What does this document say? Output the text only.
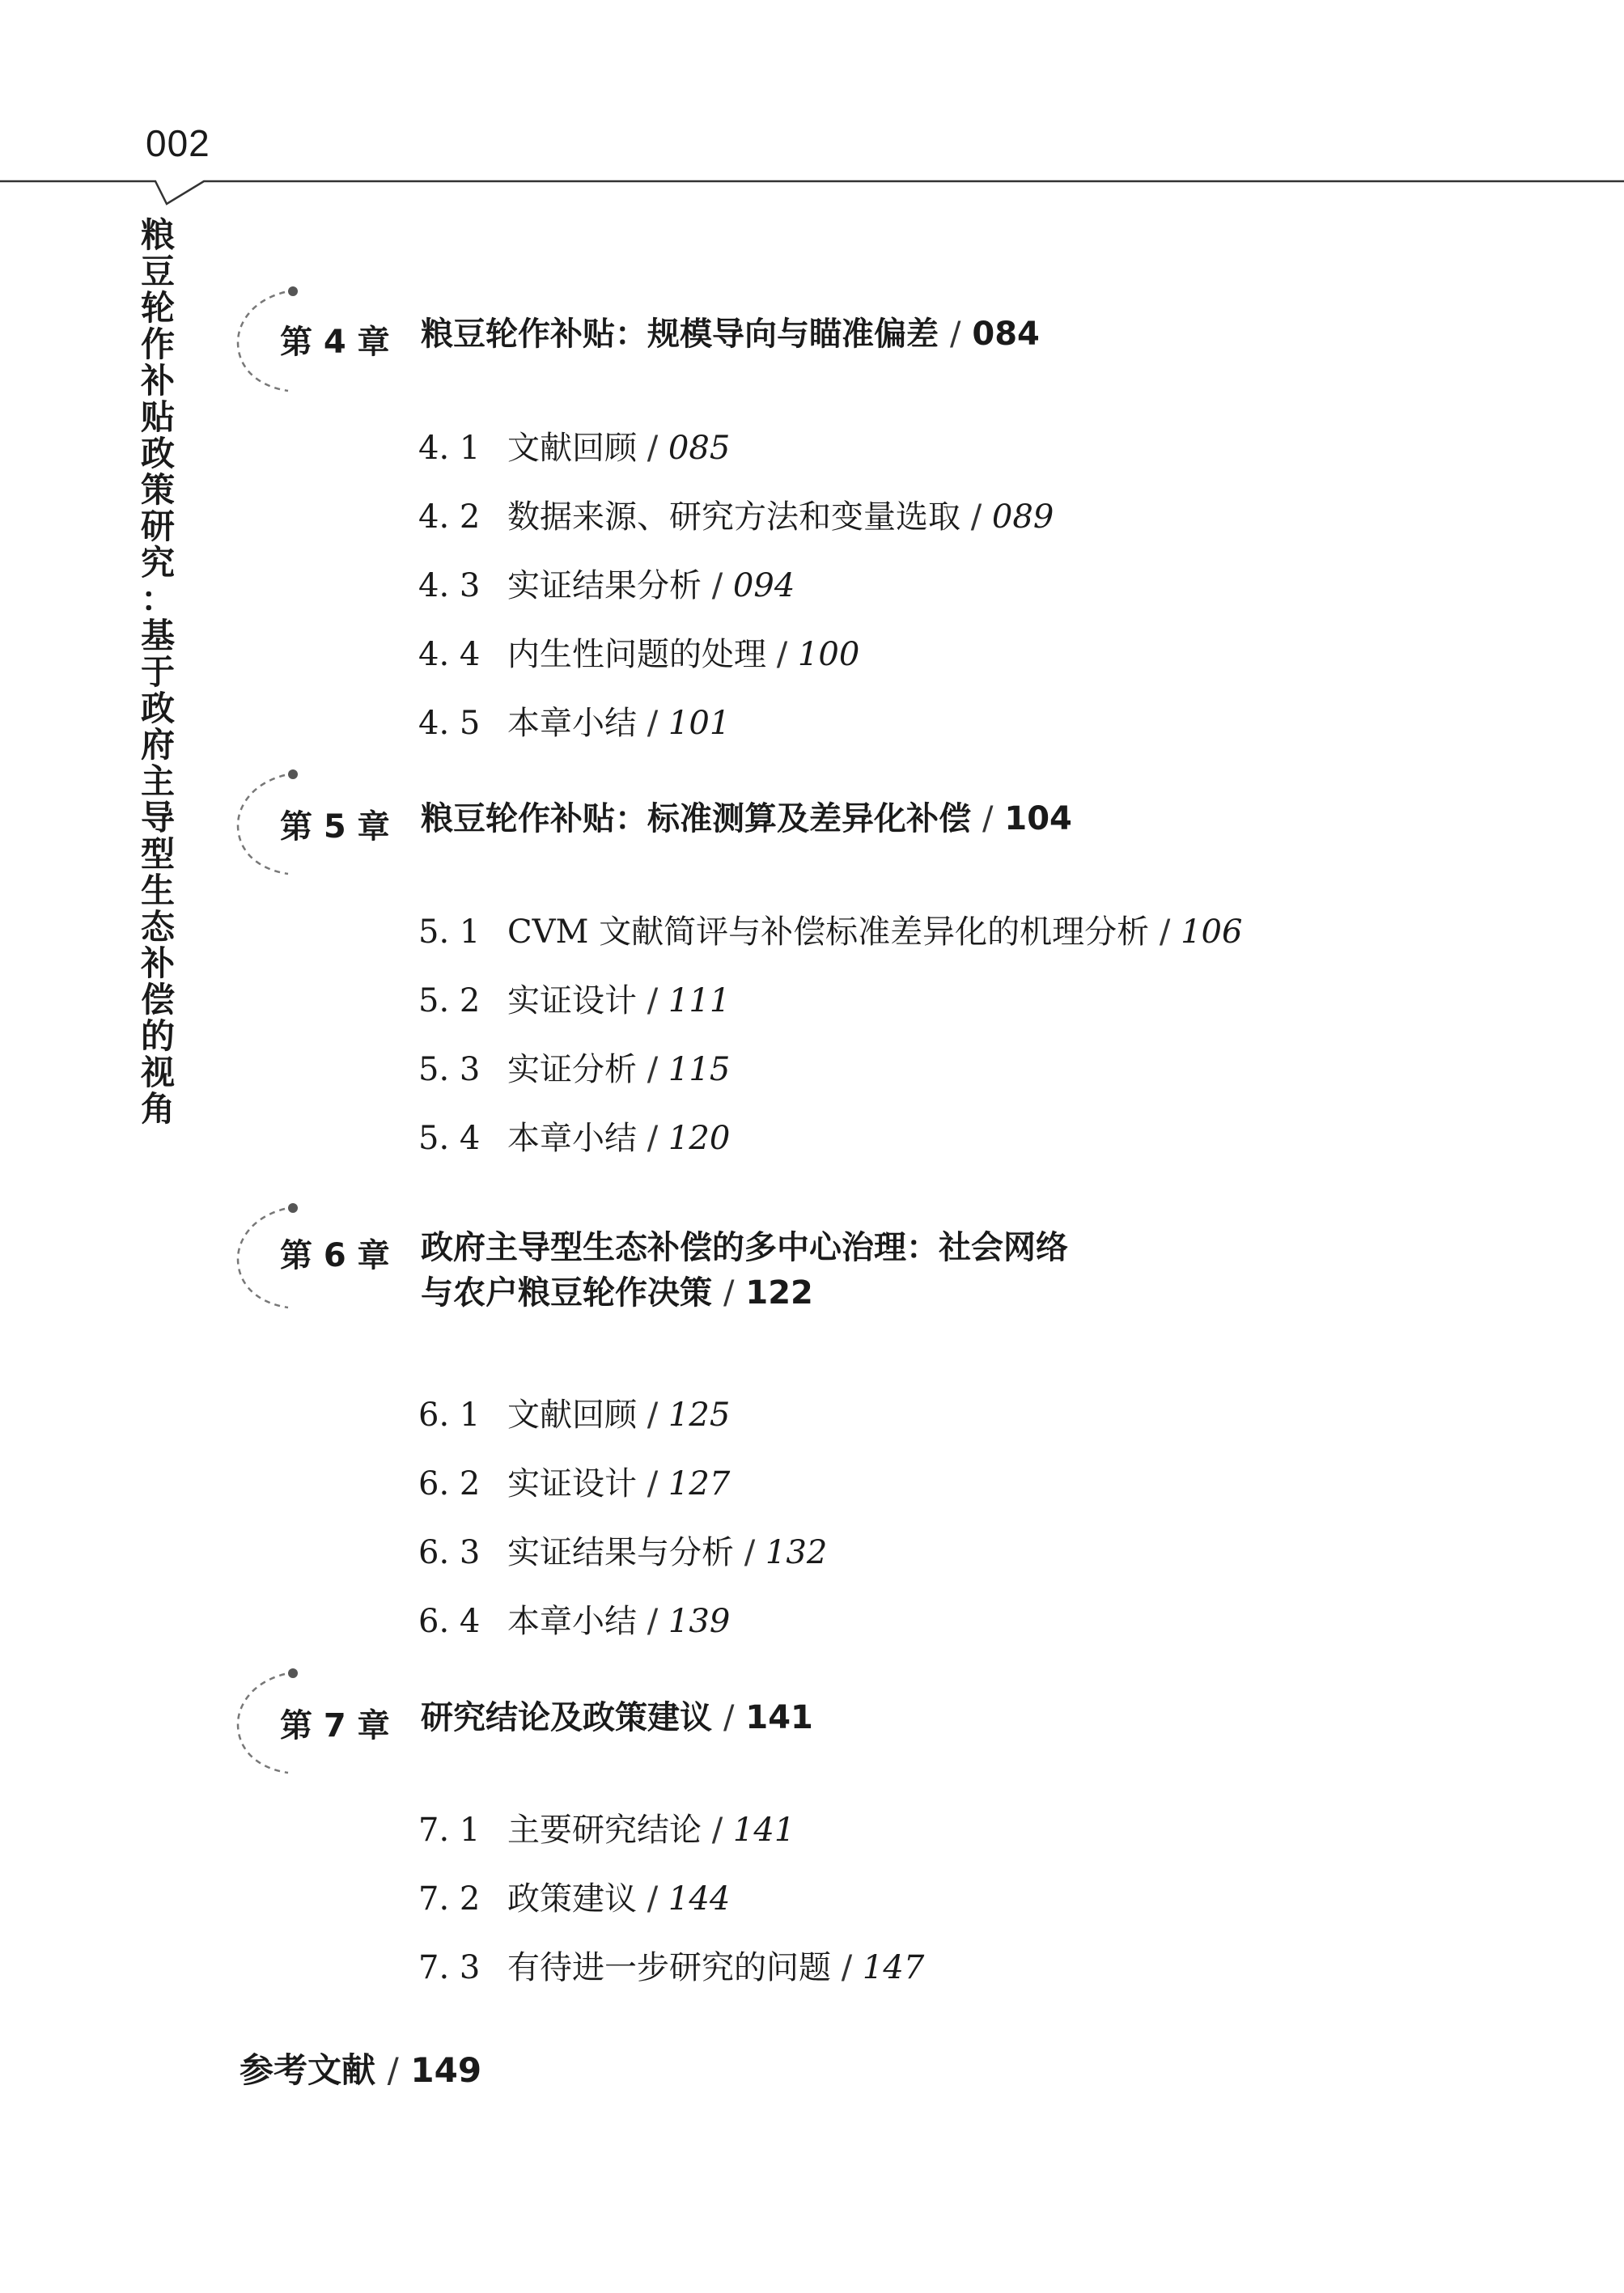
002
粮
豆
轮
作
补
贴
政
策
研
究
：
基
于
政
府
主
导
型
生
态
补
偿
的
视
角
第 4 章 粮豆轮作补贴：规模导向与瞄准偏差 / 084
4. 1 文献回顾 / 085
4. 2 数据来源、研究方法和变量选取 / 089
4. 3 实证结果分析 / 094
4. 4 内生性问题的处理 / 100
4. 5 本章小结 / 101
第 5 章 粮豆轮作补贴：标准测算及差异化补偿 / 104
5. 1 CVM 文献简评与补偿标准差异化的机理分析 / 106
5. 2 实证设计 / 111
5. 3 实证分析 / 115
5. 4 本章小结 / 120
第 6 章 政府主导型生态补偿的多中心治理：社会网络
与农户粮豆轮作决策 / 122
6. 1 文献回顾 / 125
6. 2 实证设计 / 127
6. 3 实证结果与分析 / 132
6. 4 本章小结 / 139
第 7 章 研究结论及政策建议 / 141
7. 1 主要研究结论 / 141
7. 2 政策建议 / 144
7. 3 有待进一步研究的问题 / 147
参考文献 / 149
